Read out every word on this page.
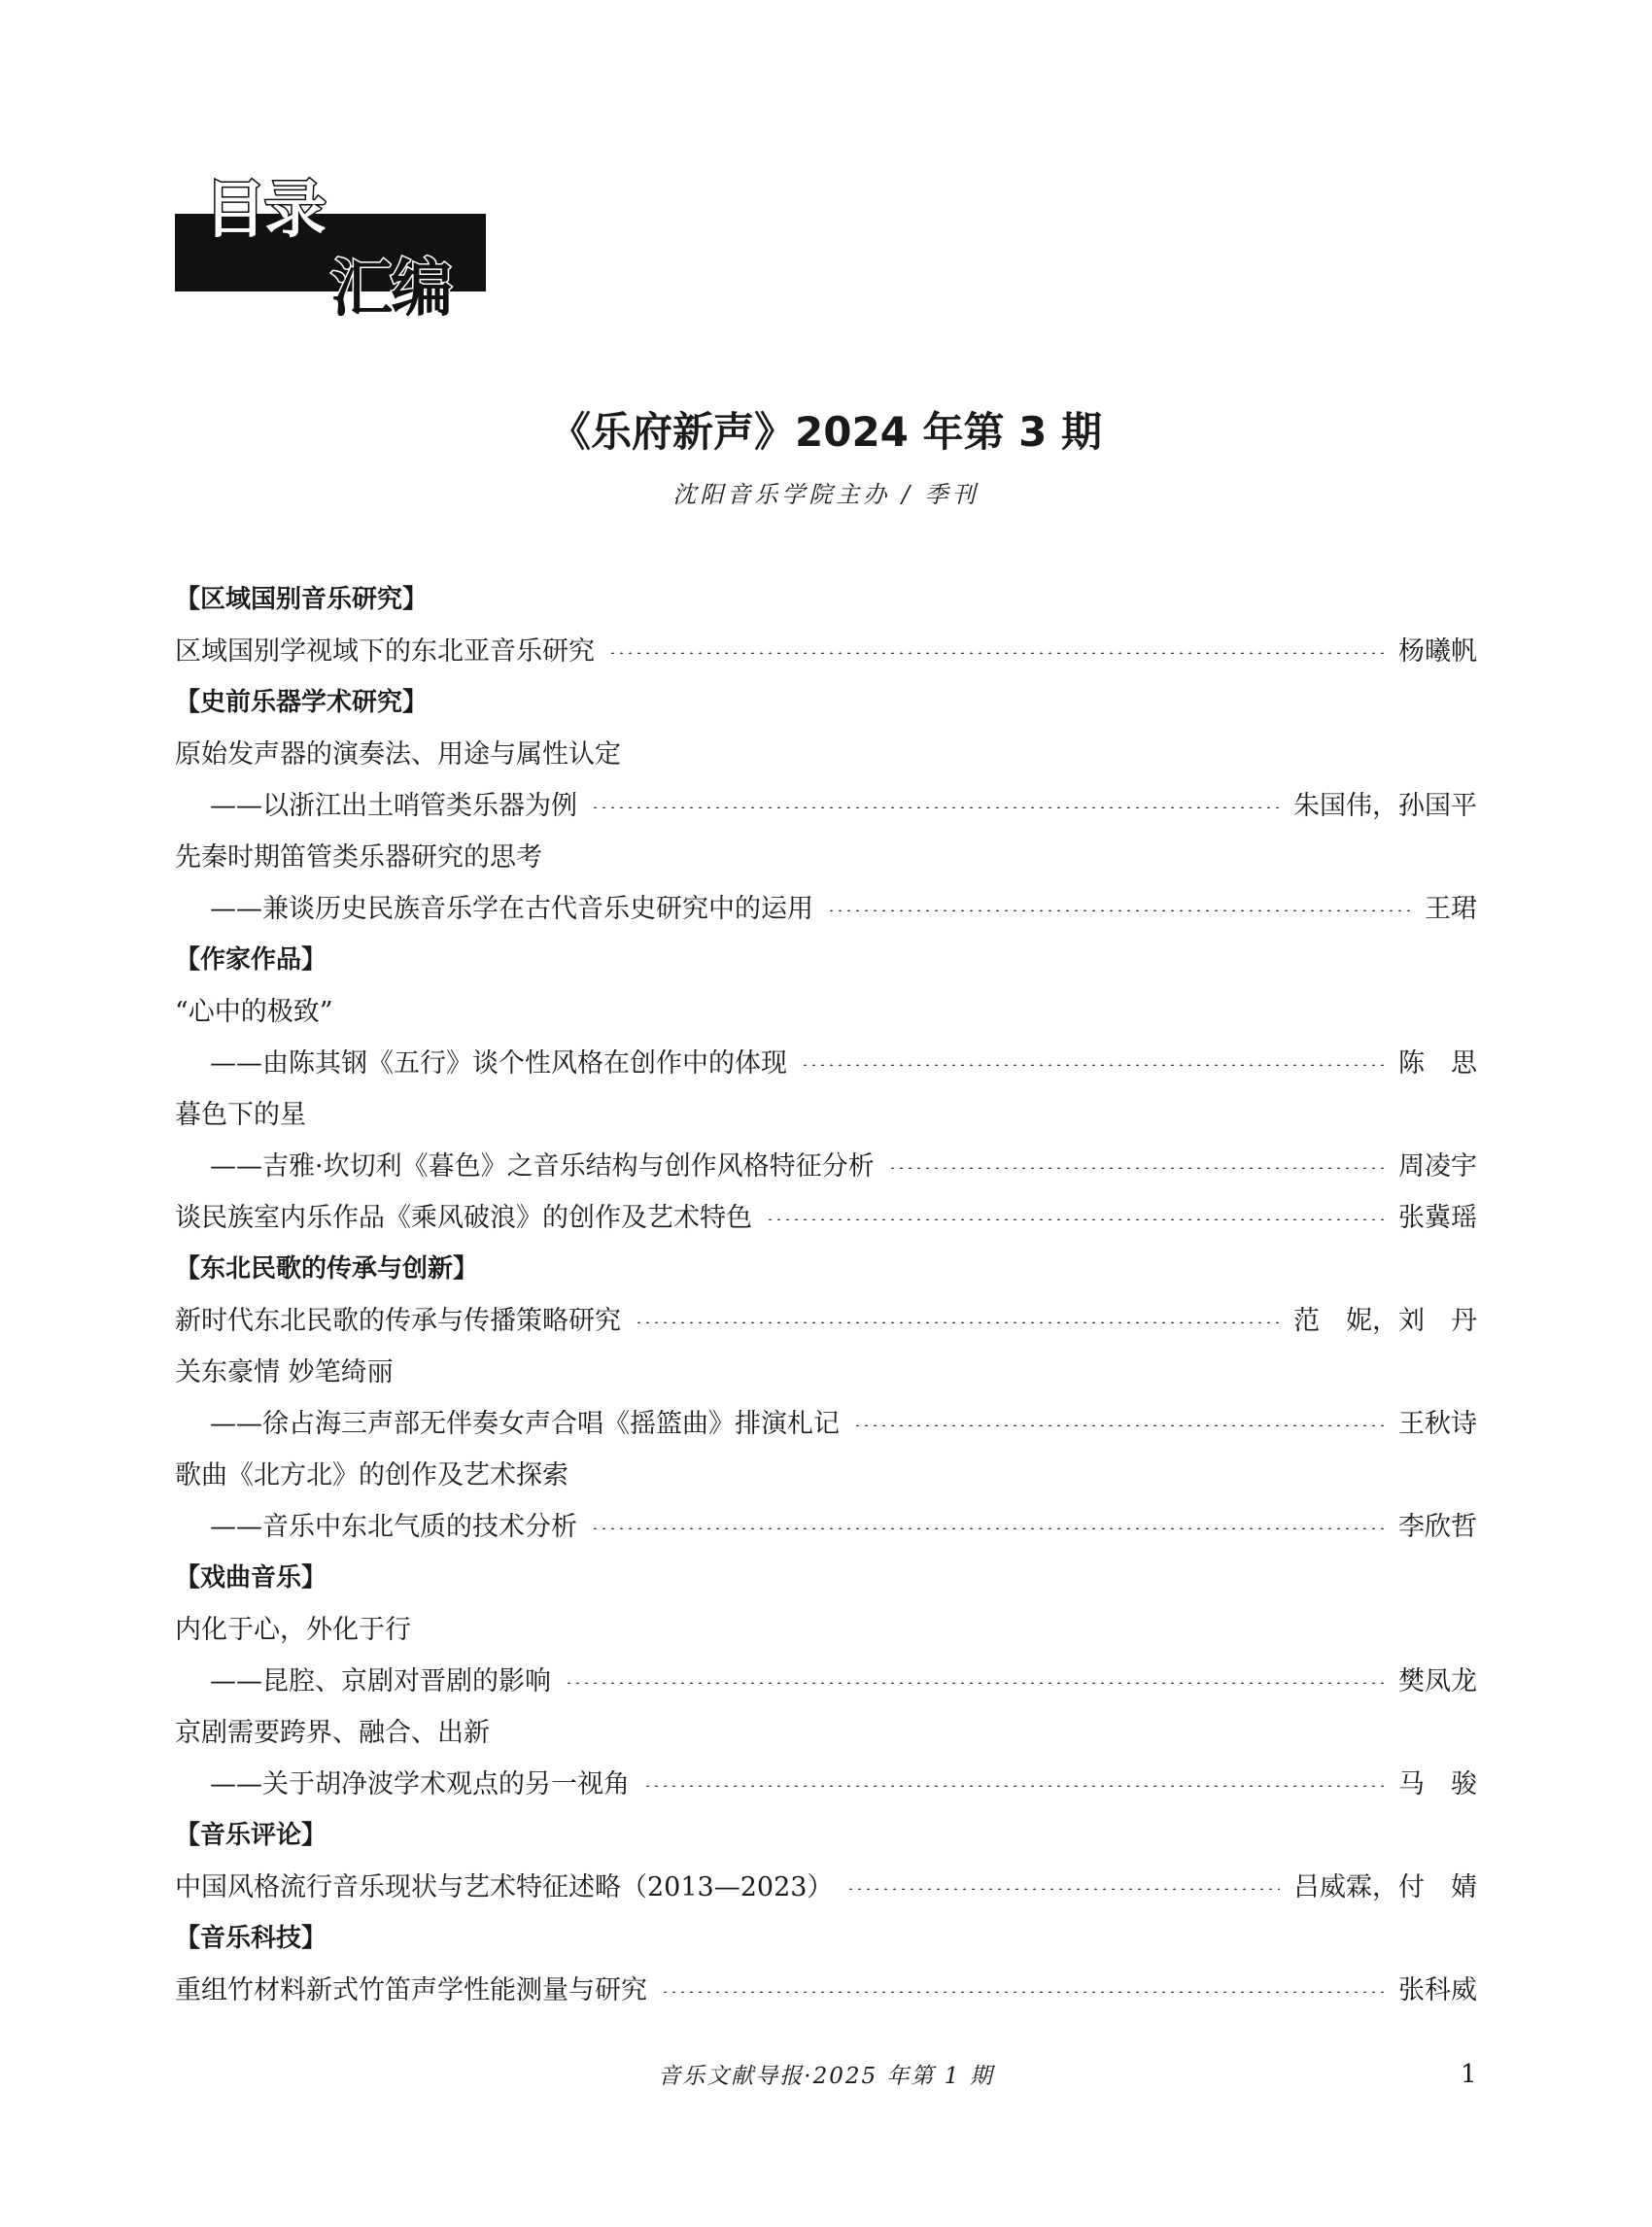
目录
汇编
《乐府新声》2024 年第 3 期
沈阳音乐学院主办 / 季刊
【区域国别音乐研究】
区域国别学视域下的东北亚音乐研究	杨曦帆
【史前乐器学术研究】
原始发声器的演奏法、用途与属性认定
——以浙江出土哨管类乐器为例	朱国伟，孙国平
先秦时期笛管类乐器研究的思考
——兼谈历史民族音乐学在古代音乐史研究中的运用	王珺
【作家作品】
“心中的极致”
——由陈其钢《五行》谈个性风格在创作中的体现	陈　思
暮色下的星
——吉雅·坎切利《暮色》之音乐结构与创作风格特征分析	周凌宇
谈民族室内乐作品《乘风破浪》的创作及艺术特色	张冀瑶
【东北民歌的传承与创新】
新时代东北民歌的传承与传播策略研究	范　妮，刘　丹
关东豪情 妙笔绮丽
——徐占海三声部无伴奏女声合唱《摇篮曲》排演札记	王秋诗
歌曲《北方北》的创作及艺术探索
——音乐中东北气质的技术分析	李欣哲
【戏曲音乐】
内化于心，外化于行
——昆腔、京剧对晋剧的影响	樊凤龙
京剧需要跨界、融合、出新
——关于胡净波学术观点的另一视角	马　骏
【音乐评论】
中国风格流行音乐现状与艺术特征述略（2013—2023）	吕威霖，付　婧
【音乐科技】
重组竹材料新式竹笛声学性能测量与研究	张科威
音乐文献导报·2025 年第 1 期	1
